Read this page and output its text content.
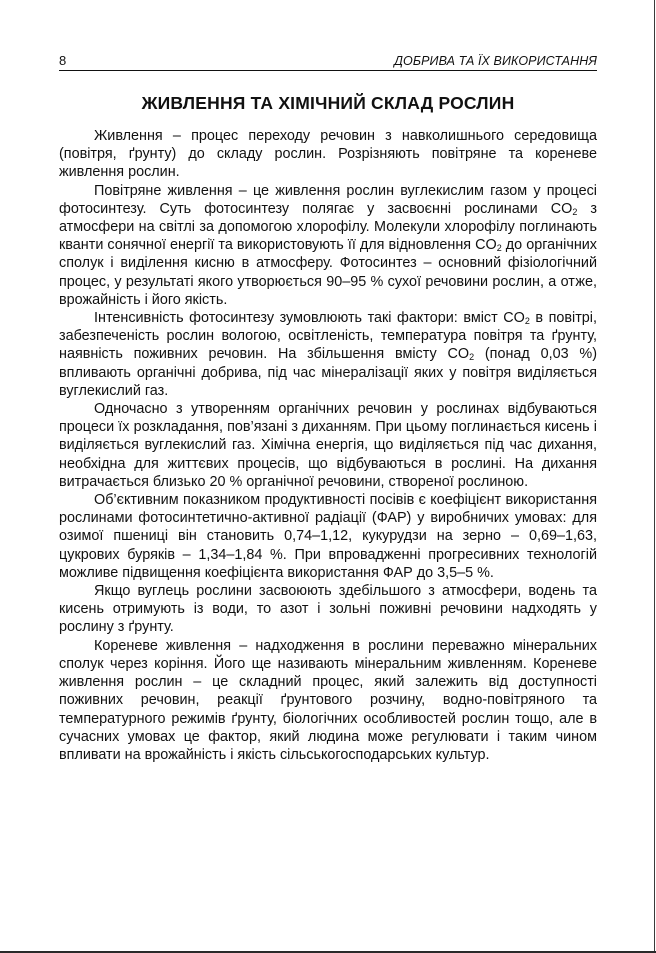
8	ДОБРИВА ТА ЇХ ВИКОРИСТАННЯ
ЖИВЛЕННЯ ТА ХІМІЧНИЙ СКЛАД РОСЛИН

Живлення – процес переходу речовин з навколишнього середовища (повітря, ґрунту) до складу рослин. Розрізняють повітряне та кореневе живлення рослин.

Повітряне живлення – це живлення рослин вуглекислим газом у процесі фотосинтезу. Суть фотосинтезу полягає у засвоєнні рослинами $CO_2$ з атмосфери на світлі за допомогою хлорофілу. Молекули хлорофілу поглинають кванти сонячної енергії та використовують її для відновлення $CO_2$ до органічних сполук і виділення кисню в атмосферу. Фотосинтез – основний фізіологічний процес, у результаті якого утворюється 90–95 % сухої речовини рослин, а отже, врожайність і його якість.

Інтенсивність фотосинтезу зумовлюють такі фактори: вміст $CO_2$ в повітрі, забезпеченість рослин вологою, освітленість, температура повітря та ґрунту, наявність поживних речовин. На збільшення вмісту $CO_2$ (понад 0,03 %) впливають органічні добрива, під час мінералізації яких у повітря виділяється вуглекислий газ.

Одночасно з утворенням органічних речовин у рослинах відбуваються процеси їх розкладання, пов’язані з диханням. При цьому поглинається кисень і виділяється вуглекислий газ. Хімічна енергія, що виділяється під час дихання, необхідна для життєвих процесів, що відбуваються в рослині. На дихання витрачається близько 20 % органічної речовини, створеної рослиною.

Об’єктивним показником продуктивності посівів є коефіцієнт використання рослинами фотосинтетично-активної радіації (ФАР) у виробничих умовах: для озимої пшениці він становить 0,74–1,12, кукурудзи на зерно – 0,69–1,63, цукрових буряків – 1,34–1,84 %. При впровадженні прогресивних технологій можливе підвищення коефіцієнта використання ФАР до 3,5–5 %.

Якщо вуглець рослини засвоюють здебільшого з атмосфери, водень та кисень отримують із води, то азот і зольні поживні речовини надходять у рослину з ґрунту.

Кореневе живлення – надходження в рослини переважно мінеральних сполук через коріння. Його ще називають мінеральним живленням. Кореневе живлення рослин – це складний процес, який залежить від доступності поживних речовин, реакції ґрунтового розчину, водно-повітряного та температурного режимів ґрунту, біологічних особливостей рослин тощо, але в сучасних умовах це фактор, який людина може регулювати і таким чином впливати на врожайність і якість сільськогосподарських культур.
